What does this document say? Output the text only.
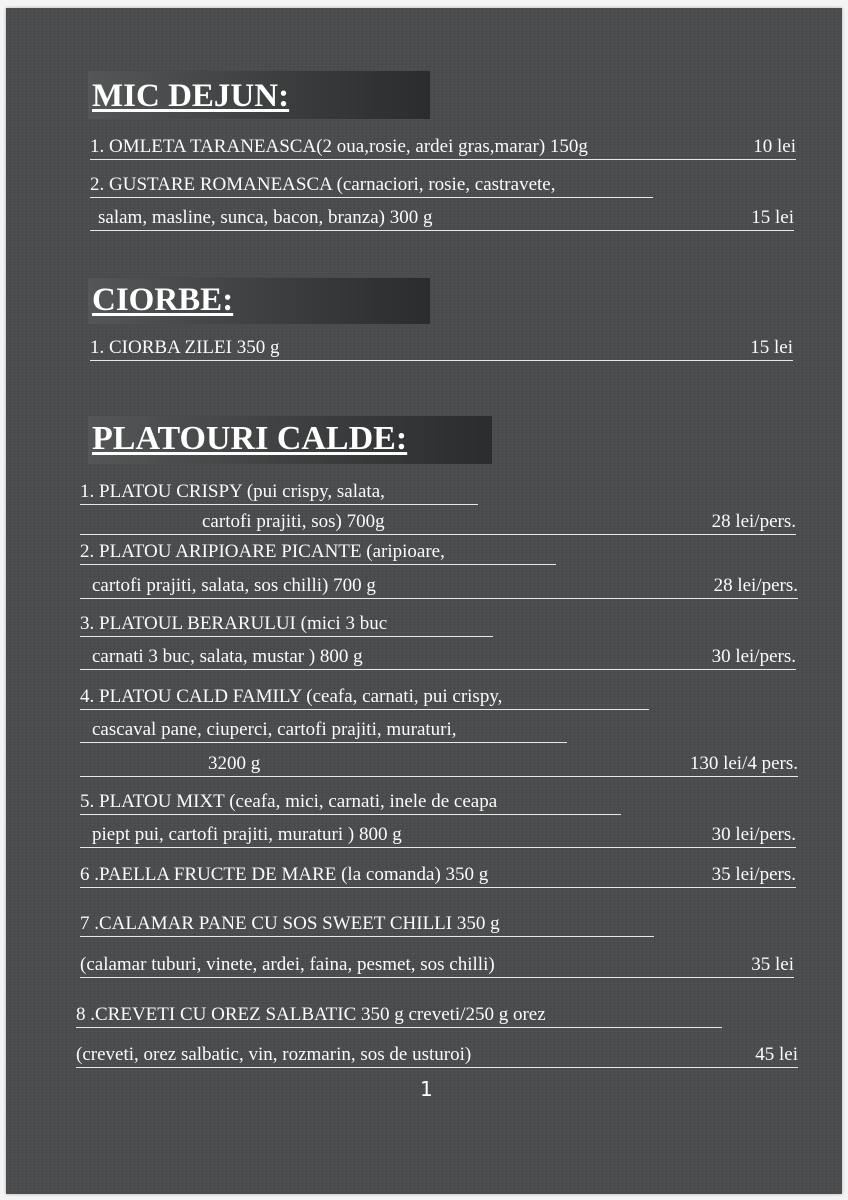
MIC DEJUN:
1. OMLETA TARANEASCA(2 oua,rosie, ardei gras,marar) 150g	10 lei
2. GUSTARE ROMANEASCA (carnaciori, rosie, castravete,
salam, masline, sunca, bacon, branza) 300 g	15 lei
CIORBE:
1. CIORBA ZILEI 350 g	15 lei
PLATOURI CALDE:
1. PLATOU CRISPY (pui crispy, salata,
cartofi prajiti, sos) 700g	28 lei/pers.
2. PLATOU ARIPIOARE PICANTE (aripioare,
cartofi prajiti, salata, sos chilli) 700 g	28 lei/pers.
3. PLATOUL BERARULUI (mici 3 buc
carnati 3 buc, salata, mustar ) 800 g	30 lei/pers.
4. PLATOU CALD FAMILY (ceafa, carnati, pui crispy,
cascaval pane, ciuperci, cartofi prajiti, muraturi,
3200 g	130 lei/4 pers.
5. PLATOU MIXT (ceafa, mici, carnati, inele de ceapa
piept pui, cartofi prajiti, muraturi ) 800 g	30 lei/pers.
6 .PAELLA FRUCTE DE MARE (la comanda) 350 g	35 lei/pers.
7 .CALAMAR PANE CU SOS SWEET CHILLI 350 g
(calamar tuburi, vinete, ardei, faina, pesmet, sos chilli)	35 lei
8 .CREVETI CU OREZ SALBATIC 350 g creveti/250 g orez
(creveti, orez salbatic, vin, rozmarin, sos de usturoi)	45 lei
1
